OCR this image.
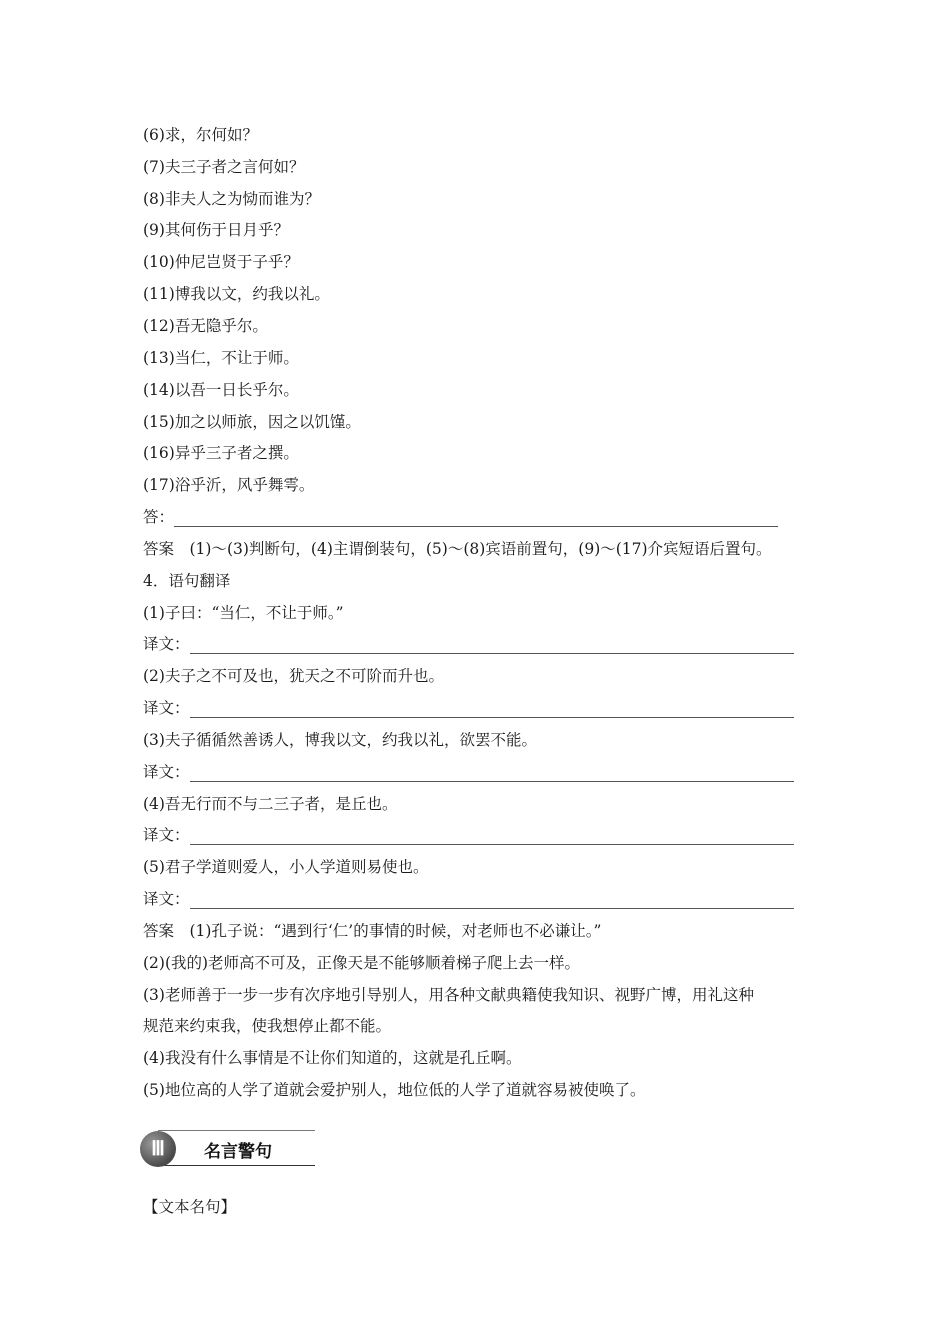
(6)求，尔何如？
(7)夫三子者之言何如？
(8)非夫人之为恸而谁为？
(9)其何伤于日月乎？
(10)仲尼岂贤于子乎？
(11)博我以文，约我以礼。
(12)吾无隐乎尔。
(13)当仁，不让于师。
(14)以吾一日长乎尔。
(15)加之以师旅，因之以饥馑。
(16)异乎三子者之撰。
(17)浴乎沂，风乎舞雩。
答：
答案　(1)～(3)判断句，(4)主谓倒装句，(5)～(8)宾语前置句，(9)～(17)介宾短语后置句。
4．语句翻译
(1)子曰：“当仁，不让于师。”
译文：
(2)夫子之不可及也，犹天之不可阶而升也。
译文：
(3)夫子循循然善诱人，博我以文，约我以礼，欲罢不能。
译文：
(4)吾无行而不与二三子者，是丘也。
译文：
(5)君子学道则爱人，小人学道则易使也。
译文：
答案　(1)孔子说：“遇到行‘仁’的事情的时候，对老师也不必谦让。”
(2)(我的)老师高不可及，正像天是不能够顺着梯子爬上去一样。
(3)老师善于一步一步有次序地引导别人，用各种文献典籍使我知识、视野广博，用礼这种
规范来约束我，使我想停止都不能。
(4)我没有什么事情是不让你们知道的，这就是孔丘啊。
(5)地位高的人学了道就会爱护别人，地位低的人学了道就容易被使唤了。
Ⅲ	名言警句
【文本名句】
